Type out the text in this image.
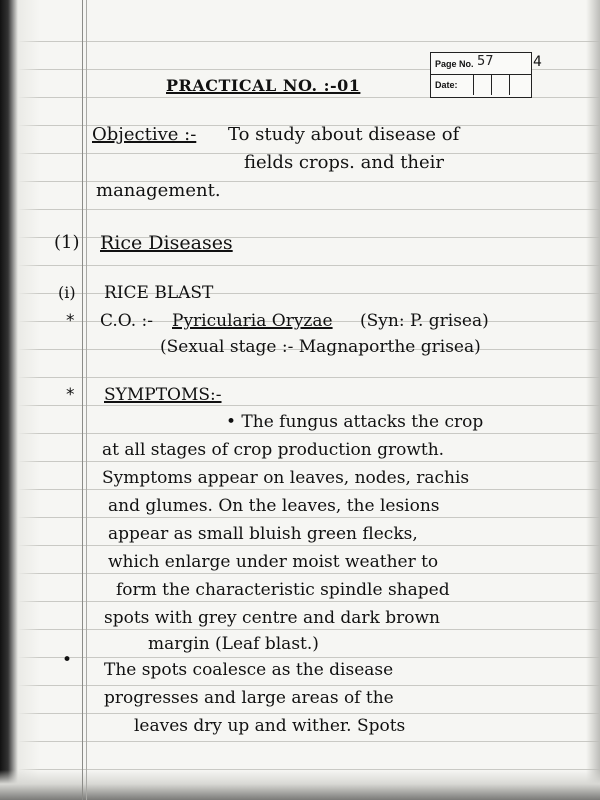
Page No. 57
Date:
4
PRACTICAL NO. :-01
Objective :- To study about disease of
fields crops. and their
management.
(1) Rice Diseases
(i) RICE BLAST
* C.O. :- Pyricularia Oryzae (Syn: P. grisea)
(Sexual stage :- Magnaporthe grisea)
* SYMPTOMS:-
• The fungus attacks the crop
at all stages of crop production growth.
Symptoms appear on leaves, nodes, rachis
and glumes. On the leaves, the lesions
appear as small bluish green flecks,
which enlarge under moist weather to
form the characteristic spindle shaped
spots with grey centre and dark brown
margin (Leaf blast.)
• The spots coalesce as the disease
progresses and large areas of the
leaves dry up and wither. Spots
